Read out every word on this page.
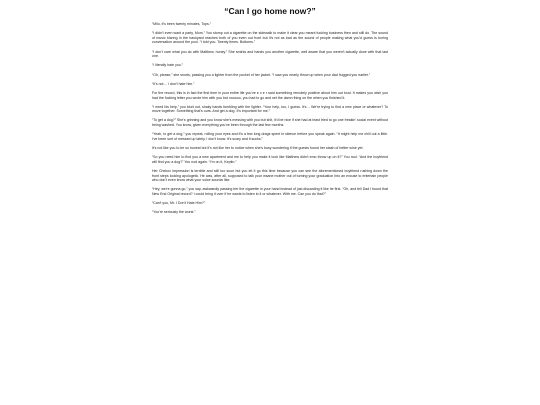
“Can I go home now?”

“Milo, it's been twenty minutes, Tops.”

“I didn't even want a party, Mom.” You stomp out a cigarette on the sidewalk to make it clear you meant fucking business then and still do. The sound of music blaring in the backyard reaches both of you even out front but it's not as bad as the sound of people making what you'd guess is boring conversation around the pool. “I told you. Twenty times. Bottoms.”

“I don't care what you do with Matthew, honey.” She smirks and hands you another cigarette, well aware that you weren't actually done with that last one.

“I literally hate you.”

“Oh, please,” she snorts, passing you a lighter from the pocket of her jacket. “I saw you nearly throw up when your dad hugged you earlier.”

“It's not… I don't hate him.”

For the record, this is in fact the first time in your entire life you've e v e r said something remotely positive about him out loud. It makes you wish you had the fucking letter you wrote him with you but nooooo, you had to go and set the damn thing on fire when you finished it.

“I need his help,” you blurt out, shaky hands fumbling with the lighter. “Your help, too, I guess. It's… We're trying to find a new place or whatever? To move together. Something that's ours. And get a dog. It's important for me.”

“To get a dog?” She's grinning and you know she's messing with you but shit, it'd be nice if she had at least tried to go one freakin' social event without being washed. You know, given everything you've been through the last few months.

“Yeah, to get a dog,” you repeat, rolling your eyes and it's a few long drags spent in silence before you speak again. “It might help me chill out a little. I've been sort of messed up lately, I don't know. It's scary and it sucks.”

It's not like you to be so honest but it's not like her to notice when she's busy wondering if the guests found her stash of better wine yet.

“So you need him to find you a new apartment and me to help you make it look like Matthew didn't emo throw up on it?” You nod. “And the boyfriend will find you a dog?” You nod again. “I'm on it, Keptin.”

Her Chekov impression is terrible and still too soon but you let it go this time because you can see the aforementioned boyfriend rushing down the front steps looking apologetic. He was, after all, supposed to talk your insane mother out of turning your graduation into an excuse to entertain people who don't even know what your voice sounds like.

“Hey, we're gonna go,” you say, awkwardly passing her the cigarette in your hand instead of just discarding it like he first. “Oh, and tell Dad I found that New End Original record? I could bring it over if he wants to listen to it or whatever. With me. Can you do that?”

“Can't you, Mr. I Don't Hate Him?”

“You're seriously the worst.”
